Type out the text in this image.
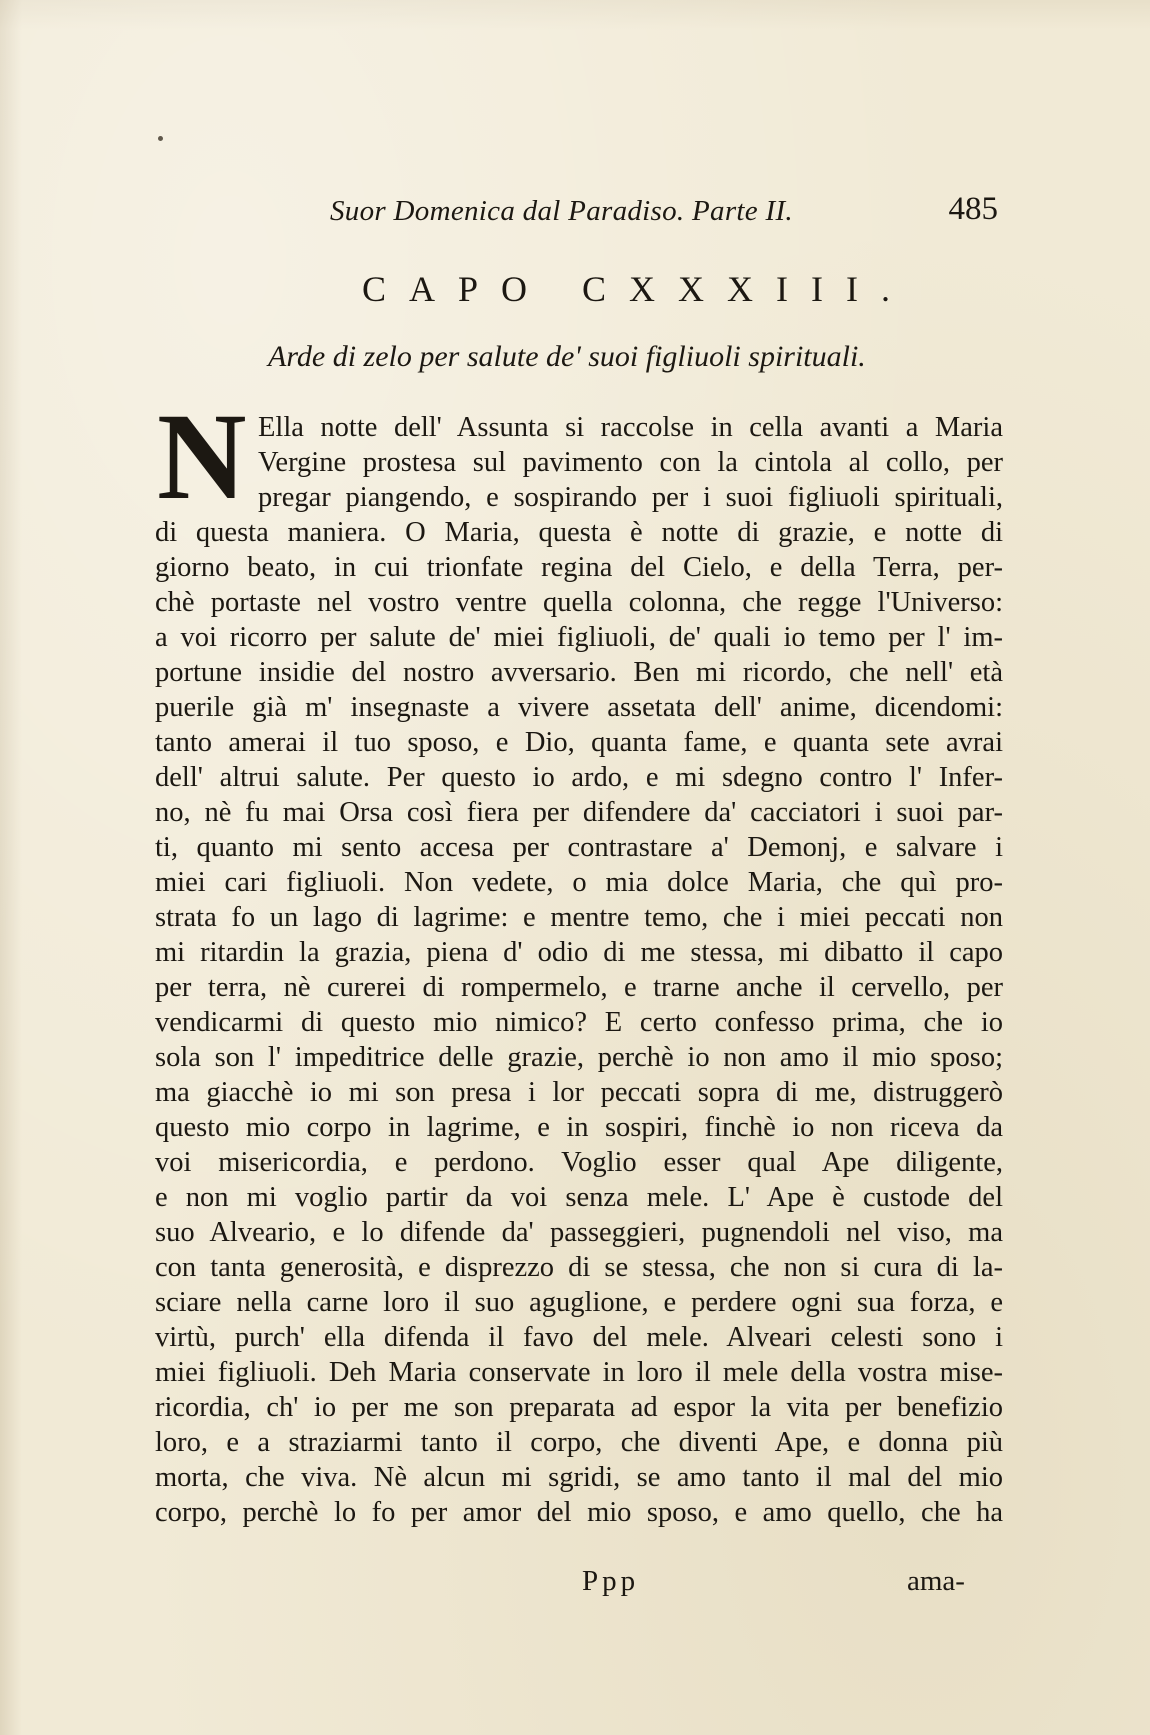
Suor Domenica dal Paradiso. Parte II.	485
CAPO CXXXIII.
Arde di zelo per salute de' suoi figliuoli spirituali.
N Ella notte dell' Assunta si raccolse in cella avanti a Maria
Vergine prostesa sul pavimento con la cintola al collo, per
pregar piangendo, e sospirando per i suoi figliuoli spirituali,
di questa maniera. O Maria, questa è notte di grazie, e notte di
giorno beato, in cui trionfate regina del Cielo, e della Terra, per-
chè portaste nel vostro ventre quella colonna, che regge l'Universo:
a voi ricorro per salute de' miei figliuoli, de' quali io temo per l' im-
portune insidie del nostro avversario. Ben mi ricordo, che nell' età
puerile già m' insegnaste a vivere assetata dell' anime, dicendomi:
tanto amerai il tuo sposo, e Dio, quanta fame, e quanta sete avrai
dell' altrui salute. Per questo io ardo, e mi sdegno contro l' Infer-
no, nè fu mai Orsa così fiera per difendere da' cacciatori i suoi par-
ti, quanto mi sento accesa per contrastare a' Demonj, e salvare i
miei cari figliuoli. Non vedete, o mia dolce Maria, che quì pro-
strata fo un lago di lagrime: e mentre temo, che i miei peccati non
mi ritardin la grazia, piena d' odio di me stessa, mi dibatto il capo
per terra, nè curerei di rompermelo, e trarne anche il cervello, per
vendicarmi di questo mio nimico? E certo confesso prima, che io
sola son l' impeditrice delle grazie, perchè io non amo il mio sposo;
ma giacchè io mi son presa i lor peccati sopra di me, distruggerò
questo mio corpo in lagrime, e in sospiri, finchè io non riceva da
voi misericordia, e perdono. Voglio esser qual Ape diligente,
e non mi voglio partir da voi senza mele. L' Ape è custode del
suo Alveario, e lo difende da' passeggieri, pugnendoli nel viso, ma
con tanta generosità, e disprezzo di se stessa, che non si cura di la-
sciare nella carne loro il suo aguglione, e perdere ogni sua forza, e
virtù, purch' ella difenda il favo del mele. Alveari celesti sono i
miei figliuoli. Deh Maria conservate in loro il mele della vostra mise-
ricordia, ch' io per me son preparata ad espor la vita per benefizio
loro, e a straziarmi tanto il corpo, che diventi Ape, e donna più
morta, che viva. Nè alcun mi sgridi, se amo tanto il mal del mio
corpo, perchè lo fo per amor del mio sposo, e amo quello, che ha
Ppp	ama-
